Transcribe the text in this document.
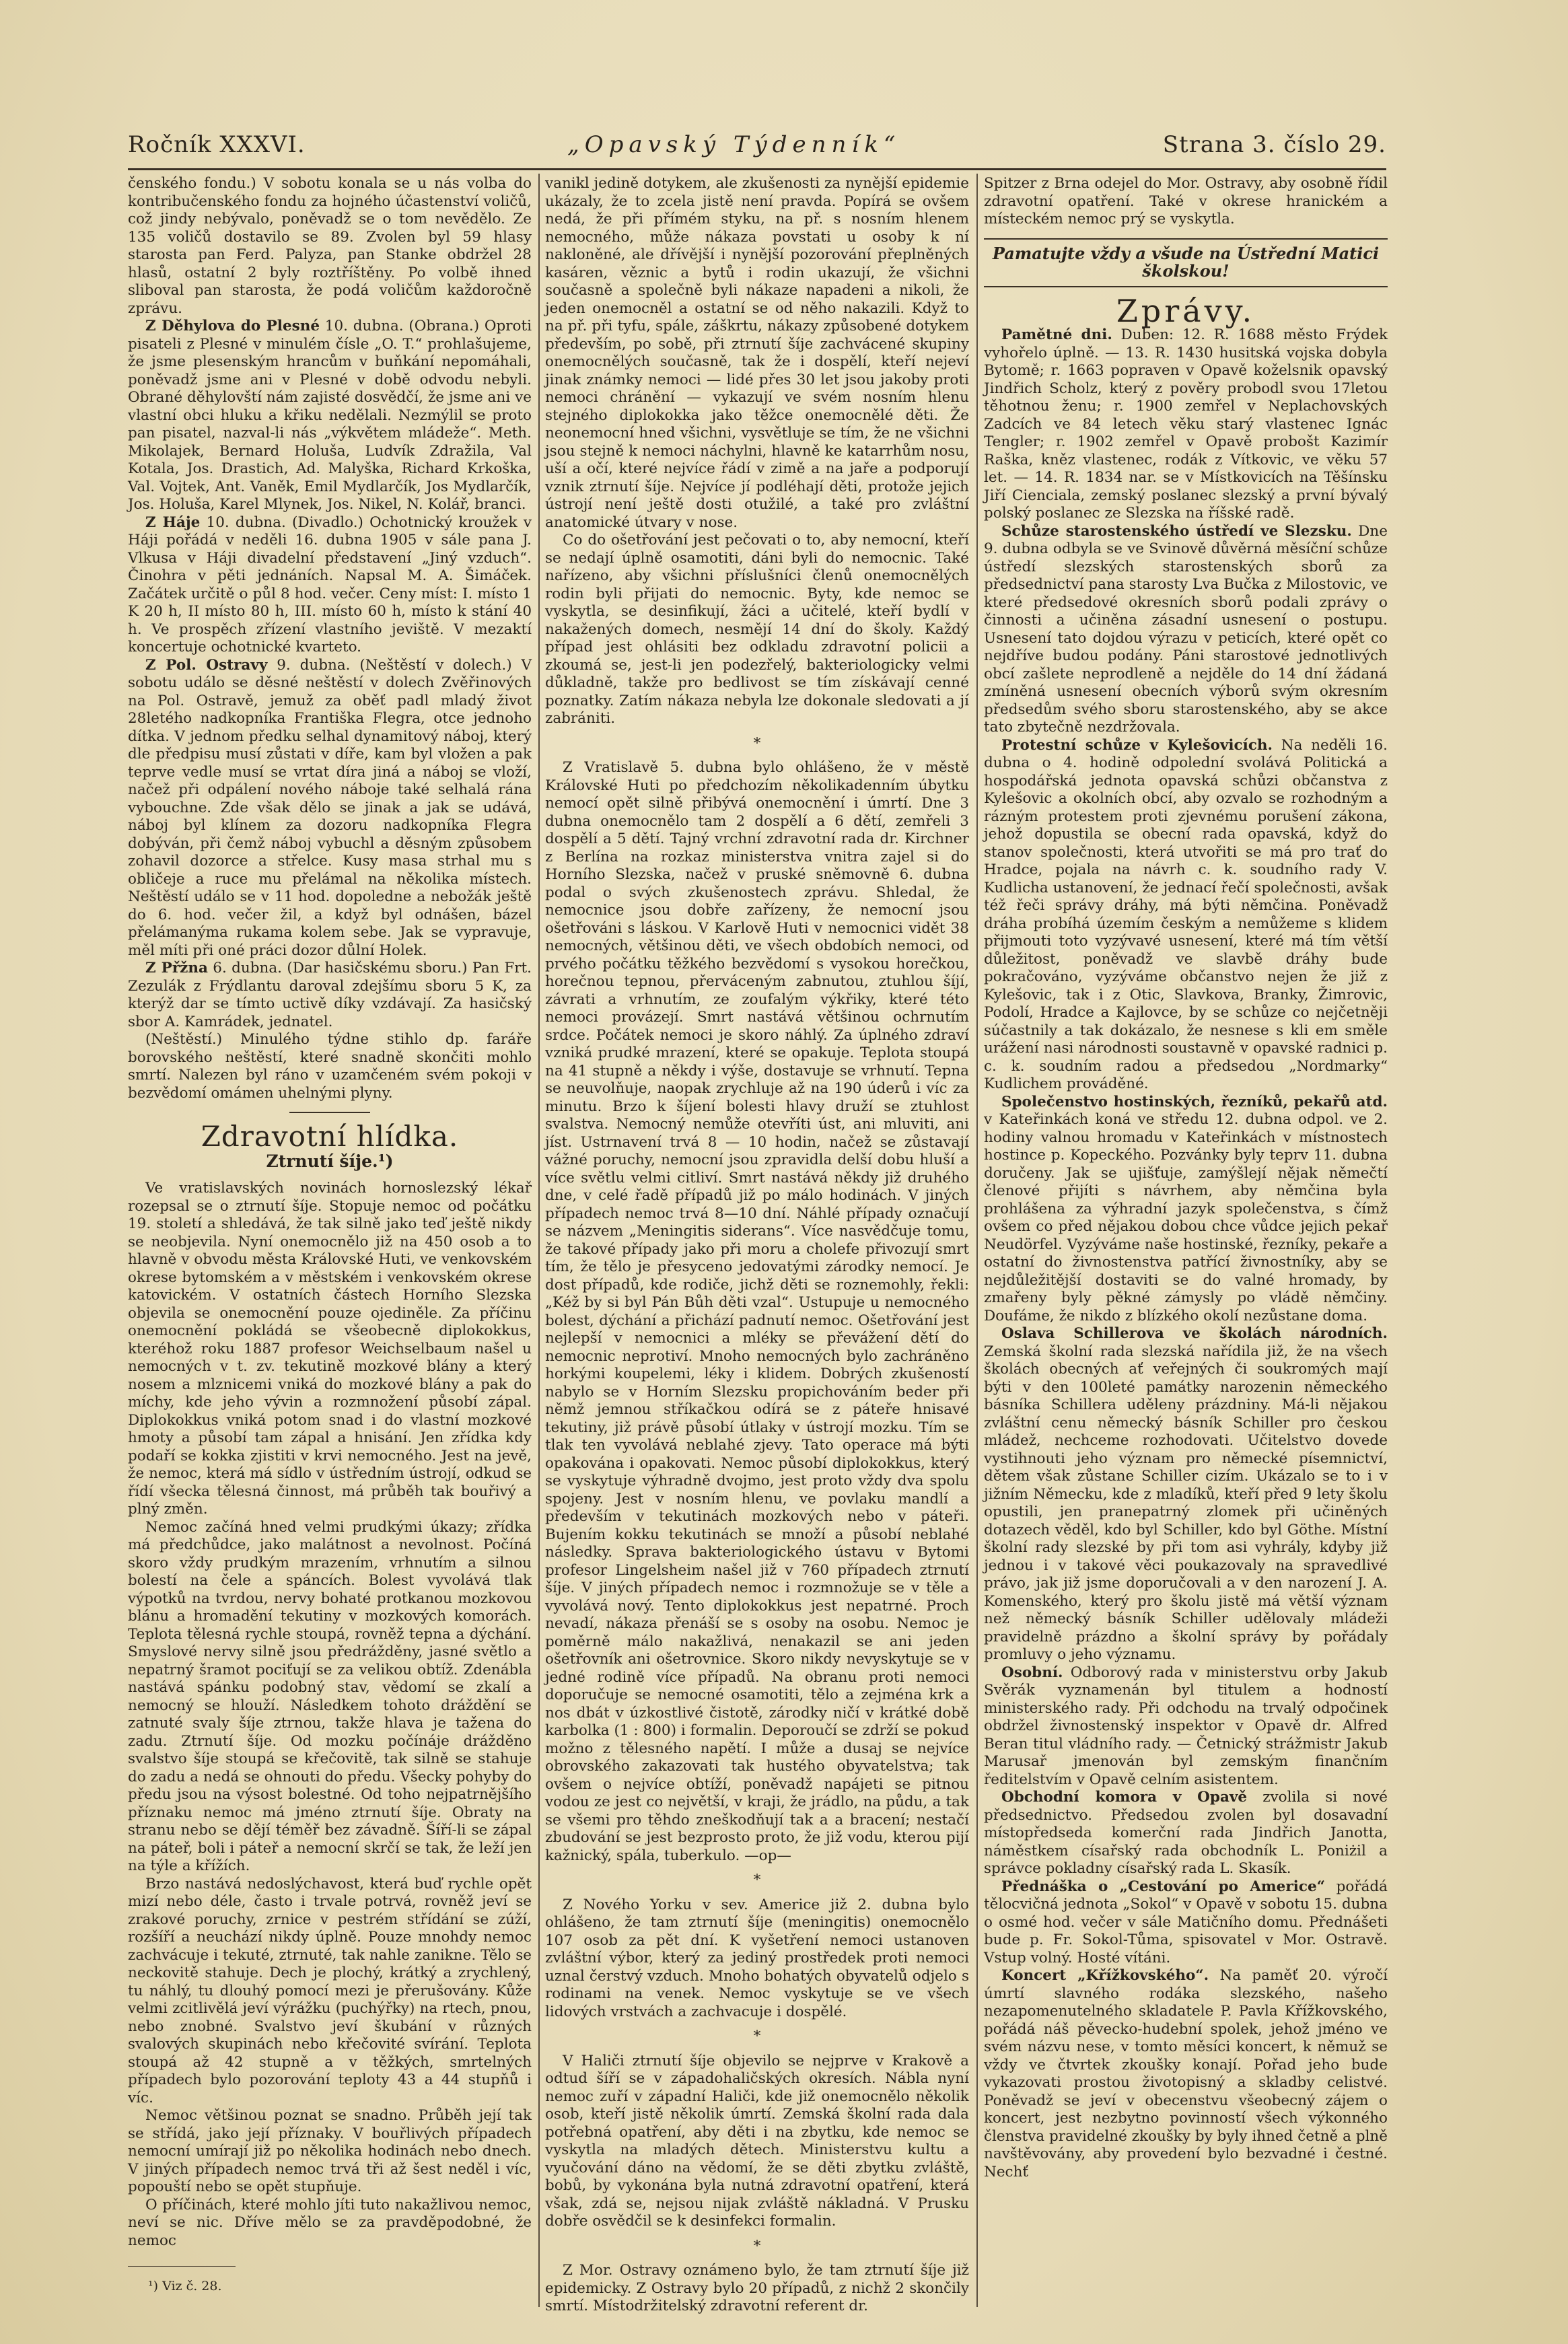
Ročník XXXVI.	„Opavský Týdenník“	Strana 3. číslo 29.

čenského fondu.) V sobotu konala se u nás volba do kontribučenského fondu za hojného účastenství voličů, což jindy nebývalo, poněvadž se o tom nevědělo. Ze 135 voličů dostavilo se 89. Zvolen byl 59 hlasy starosta pan Ferd. Palyza, pan Stanke obdržel 28 hlasů, ostatní 2 byly roztříštěny. Po volbě ihned sliboval pan starosta, že podá voličům každoročně zprávu.

Z Děhylova do Plesné 10. dubna. (Obrana.) Oproti pisateli z Plesné v minulém čísle „O. T.“ prohlašujeme, že jsme plesenským hrancům v buňkání nepomáhali, poněvadž jsme ani v Plesné v době odvodu nebyli. Obrané děhylovští nám zajisté dosvědčí, že jsme ani ve vlastní obci hluku a křiku nedělali. Nezmýlil se proto pan pisatel, nazval-li nás „výkvětem mládeže“. Meth. Mikolajek, Bernard Holuša, Ludvík Zdražila, Val Kotala, Jos. Drastich, Ad. Malyška, Richard Krkoška, Val. Vojtek, Ant. Vaněk, Emil Mydlarčík, Jos Mydlarčík, Jos. Holuša, Karel Mlynek, Jos. Nikel, N. Kolář, branci.

Z Háje 10. dubna. (Divadlo.) Ochotnický kroužek v Háji pořádá v neděli 16. dubna 1905 v sále pana J. Vlkusa v Háji divadelní představení „Jiný vzduch“. Činohra v pěti jednáních. Napsal M. A. Šimáček. Začátek určitě o půl 8 hod. večer. Ceny míst: I. místo 1 K 20 h, II místo 80 h, III. místo 60 h, místo k stání 40 h. Ve prospěch zřízení vlastního jeviště. V mezaktí koncertuje ochotnické kvarteto.

Z Pol. Ostravy 9. dubna. (Neštěstí v dolech.) V sobotu událo se děsné neštěstí v dolech Zvěřinových na Pol. Ostravě, jemuž za oběť padl mladý život 28letého nadkopníka Františka Flegra, otce jednoho dítka. V jednom předku selhal dynamitový náboj, který dle předpisu musí zůstati v díře, kam byl vložen a pak teprve vedle musí se vrtat díra jiná a náboj se vloží, načež při odpálení nového náboje také selhalá rána vybouchne. Zde však dělo se jinak a jak se udává, náboj byl klínem za dozoru nadkopníka Flegra dobýván, při čemž náboj vybuchl a děsným způsobem zohavil dozorce a střelce. Kusy masa strhal mu s obličeje a ruce mu přelámal na několika místech. Neštěstí událo se v 11 hod. dopoledne a nebožák ještě do 6. hod. večer žil, a když byl odnášen, bázel přelámanýma rukama kolem sebe. Jak se vypravuje, měl míti při oné práci dozor důlní Holek.

Z Přžna 6. dubna. (Dar hasičskému sboru.) Pan Frt. Zezulák z Frýdlantu daroval zdejšímu sboru 5 K, za kterýž dar se tímto uctivě díky vzdávají. Za hasičský sbor A. Kamrádek, jednatel.

(Neštěstí.) Minulého týdne stihlo dp. faráře borovského neštěstí, které snadně skončiti mohlo smrtí. Nalezen byl ráno v uzamčeném svém pokoji v bezvědomí omámen uhelnými plyny.

Zdravotní hlídka.
Ztrnutí šíje.¹)

Ve vratislavských novinách hornoslezský lékař rozepsal se o ztrnutí šíje. Stopuje nemoc od počátku 19. století a shledává, že tak silně jako teď ještě nikdy se neobjevila. Nyní onemocnělo již na 450 osob a to hlavně v obvodu města Královské Huti, ve venkovském okrese bytomském a v městském i venkovském okrese katovickém. V ostatních částech Horního Slezska objevila se onemocnění pouze ojediněle. Za příčinu onemocnění pokládá se všeobecně diplokokkus, kteréhož roku 1887 profesor Weichselbaum našel u nemocných v t. zv. tekutině mozkové blány a který nosem a mlznicemi vniká do mozkové blány a pak do míchy, kde jeho vývin a rozmnožení působí zápal. Diplokokkus vniká potom snad i do vlastní mozkové hmoty a působí tam zápal a hnisání. Jen zřídka kdy podaří se kokka zjistiti v krvi nemocného. Jest na jevě, že nemoc, která má sídlo v ústředním ústrojí, odkud se řídí všecka tělesná činnost, má průběh tak bouřivý a plný změn.

Nemoc začíná hned velmi prudkými úkazy; zřídka má předchůdce, jako malátnost a nevolnost. Počíná skoro vždy prudkým mrazením, vrhnutím a silnou bolestí na čele a spáncích. Bolest vyvolává tlak výpotků na tvrdou, nervy bohaté protkanou mozkovou blánu a hromadění tekutiny v mozkových komorách. Teplota tělesná rychle stoupá, rovněž tepna a dýchání. Smyslové nervy silně jsou předrážděny, jasné světlo a nepatrný šramot pociťují se za velikou obtíž. Zdenábla nastává spánku podobný stav, vědomí se zkalí a nemocný se hlouží. Následkem tohoto dráždění se zatnuté svaly šíje ztrnou, takže hlava je tažena do zadu. Ztrnutí šíje. Od mozku počínáje drážděno svalstvo šíje stoupá se křečovitě, tak silně se stahuje do zadu a nedá se ohnouti do předu. Všecky pohyby do předu jsou na výsost bolestné. Od toho nejpatrnějšího příznaku nemoc má jméno ztrnutí šíje. Obraty na stranu nebo se dějí téměř bez závadně. Šíří-li se zápal na páteř, boli i páteř a nemocní skrčí se tak, že leží jen na týle a křížích.

Brzo nastává nedoslýchavost, která buď rychle opět mizí nebo déle, často i trvale potrvá, rovněž jeví se zrakové poruchy, zrnice v pestrém střídání se zúží, rozšíří a neuchází nikdy úplně. Pouze mnohdy nemoc zachvácuje i tekuté, ztrnuté, tak nahle zanikne. Tělo se neckovitě stahuje. Dech je plochý, krátký a zrychlený, tu náhlý, tu dlouhý pomocí mezi je přerušovány. Kůže velmi zcitlivělá jeví výrážku (puchýřky) na rtech, pnou, nebo znobné. Svalstvo jeví škubání v různých svalových skupinách nebo křečovité svírání. Teplota stoupá až 42 stupně a v těžkých, smrtelných případech bylo pozorování teploty 43 a 44 stupňů i víc.

Nemoc většinou poznat se snadno. Průběh její tak se střídá, jako její příznaky. V bouřlivých případech nemocní umírají již po několika hodinách nebo dnech. V jiných případech nemoc trvá tři až šest neděl i víc, popouští nebo se opět stupňuje.

O příčinách, které mohlo jíti tuto nakažlivou nemoc, neví se nic. Dříve mělo se za pravděpodobné, že nemoc

¹) Viz č. 28.

vanikl jedině dotykem, ale zkušenosti za nynější epidemie ukázaly, že to zcela jistě není pravda. Popírá se ovšem nedá, že při přímém styku, na př. s nosním hlenem nemocného, může nákaza povstati u osoby k ní nakloněné, ale dřívější i nynější pozorování přeplněných kasáren, věznic a bytů i rodin ukazují, že všichni současně a společně byli nákaze napadeni a nikoli, že jeden onemocněl a ostatní se od něho nakazili. Když to na př. při tyfu, spále, záškrtu, nákazy způsobené dotykem především, po sobě, při ztrnutí šíje zachvácené skupiny onemocnělých současně, tak že i dospělí, kteří nejeví jinak známky nemoci — lidé přes 30 let jsou jakoby proti nemoci chránění — vykazují ve svém nosním hlenu stejného diplokokka jako těžce onemocnělé děti. Že neonemocní hned všichni, vysvětluje se tím, že ne všichni jsou stejně k nemoci náchylni, hlavně ke katarrhům nosu, uší a očí, které nejvíce řádí v zimě a na jaře a podporují vznik ztrnutí šíje. Nejvíce jí podléhají děti, protože jejich ústrojí není ještě dosti otužilé, a také pro zvláštní anatomické útvary v nose.

Co do ošetřování jest pečovati o to, aby nemocní, kteří se nedají úplně osamotiti, dáni byli do nemocnic. Také nařízeno, aby všichni příslušníci členů onemocnělých rodin byli přijati do nemocnic. Byty, kde nemoc se vyskytla, se desinfikují, žáci a učitelé, kteří bydlí v nakažených domech, nesmějí 14 dní do školy. Každý případ jest ohlásiti bez odkladu zdravotní policii a zkoumá se, jest-li jen podezřelý, bakteriologicky velmi důkladně, takže pro bedlivost se tím získávají cenné poznatky. Zatím nákaza nebyla lze dokonale sledovati a jí zabrániti.

*

Z Vratislavě 5. dubna bylo ohlášeno, že v městě Královské Huti po předchozím několikadenním úbytku nemocí opět silně přibývá onemocnění i úmrtí. Dne 3 dubna onemocnělo tam 2 dospělí a 6 dětí, zemřeli 3 dospělí a 5 dětí. Tajný vrchní zdravotní rada dr. Kirchner z Berlína na rozkaz ministerstva vnitra zajel si do Horního Slezska, načež v pruské sněmovně 6. dubna podal o svých zkušenostech zprávu. Shledal, že nemocnice jsou dobře zařízeny, že nemocní jsou ošetřováni s láskou. V Karlově Huti v nemocnici vidět 38 nemocných, většinou děti, ve všech obdobích nemoci, od prvého počátku těžkého bezvědomí s vysokou horečkou, horečnou tepnou, přerváceným zabnutou, ztuhlou šíjí, závrati a vrhnutím, ze zoufalým výkřiky, které této nemoci provázejí. Smrt nastává většinou ochrnutím srdce. Počátek nemoci je skoro náhlý. Za úplného zdraví vzniká prudké mrazení, které se opakuje. Teplota stoupá na 41 stupně a někdy i výše, dostavuje se vrhnutí. Tepna se neuvolňuje, naopak zrychluje až na 190 úderů i víc za minutu. Brzo k šíjení bolesti hlavy druží se ztuhlost svalstva. Nemocný nemůže otevříti úst, ani mluviti, ani jíst. Ustrnavení trvá 8 — 10 hodin, načež se zůstavají vážné poruchy, nemocní jsou zpravidla delší dobu hluší a více světlu velmi citliví. Smrt nastává někdy již druhého dne, v celé řadě případů již po málo hodinách. V jiných případech nemoc trvá 8—10 dní. Náhlé případy označují se názvem „Meningitis siderans“. Více nasvědčuje tomu, že takové případy jako při moru a cholefe přivozují smrt tím, že tělo je přesyceno jedovatými zárodky nemocí. Je dost případů, kde rodiče, jichž děti se roznemohly, řekli: „Kéž by si byl Pán Bůh děti vzal“. Ustupuje u nemocného bolest, dýchání a přichází padnutí nemoc. Ošetřování jest nejlepší v nemocnici a mléky se převážení dětí do nemocnic neprotiví. Mnoho nemocných bylo zachráněno horkými koupelemi, léky i klidem. Dobrých zkušeností nabylo se v Horním Slezsku propichováním beder při němž jemnou stříkačkou odírá se z páteře hnisavé tekutiny, již právě působí útlaky v ústrojí mozku. Tím se tlak ten vyvolává neblahé zjevy. Tato operace má býti opakována i opakovati. Nemoc působí diplokokkus, který se vyskytuje výhradně dvojmo, jest proto vždy dva spolu spojeny. Jest v nosním hlenu, ve povlaku mandlí a především v tekutinách mozkových nebo v páteři. Bujením kokku tekutinách se množí a působí neblahé následky. Sprava bakteriologického ústavu v Bytomi profesor Lingelsheim našel již v 760 případech ztrnutí šíje. V jiných případech nemoc i rozmnožuje se v těle a vyvolává nový. Tento diplokokkus jest nepatrné. Proch nevadí, nákaza přenáší se s osoby na osobu. Nemoc je poměrně málo nakažlivá, nenakazil se ani jeden ošetřovník ani ošetrovnice. Skoro nikdy nevyskytuje se v jedné rodině více případů. Na obranu proti nemoci doporučuje se nemocné osamotiti, tělo a zejména krk a nos dbát v úzkostlivé čistotě, zárodky ničí v krátké době karbolka (1 : 800) i formalin. Deporoučí se zdrží se pokud možno z tělesného napětí. I může a dusaj se nejvíce obrovského zakazovati tak hustého obyvatelstva; tak ovšem o nejvíce obtíží, poněvadž napájeti se pitnou vodou ze jest co největší, v kraji, že jrádlo, na půdu, a tak se všemi pro těhdo zneškodňují tak a a bracení; nestačí zbudování se jest bezprosto proto, že již vodu, kterou pijí kažnický, spála, tuberkulo. —op—

*

Z Nového Yorku v sev. Americe již 2. dubna bylo ohlášeno, že tam ztrnutí šíje (meningitis) onemocnělo 107 osob za pět dní. K vyšetření nemoci ustanoven zvláštní výbor, který za jediný prostředek proti nemoci uznal čerstvý vzduch. Mnoho bohatých obyvatelů odjelo s rodinami na venek. Nemoc vyskytuje se ve všech lidových vrstvách a zachvacuje i dospělé.

*

V Haliči ztrnutí šíje objevilo se nejprve v Krakově a odtud šíří se v západohaličských okresích. Nábla nyní nemoc zuří v západní Haliči, kde již onemocnělo několik osob, kteří jistě několik úmrtí. Zemská školní rada dala potřebná opatření, aby děti i na zbytku, kde nemoc se vyskytla na mladých dětech. Ministerstvu kultu a vyučování dáno na vědomí, že se děti zbytku zvláště, bobů, by vykonána byla nutná zdravotní opatření, která však, zdá se, nejsou nijak zvláště nákladná. V Prusku dobře osvědčil se k desinfekci formalin.

*

Z Mor. Ostravy oznámeno bylo, že tam ztrnutí šíje již epidemicky. Z Ostravy bylo 20 případů, z nichž 2 skončily smrtí. Místodržitelský zdravotní referent dr.

Spitzer z Brna odejel do Mor. Ostravy, aby osobně řídil zdravotní opatření. Také v okrese hranickém a místeckém nemoc prý se vyskytla.

Pamatujte vždy a všude na Ústřední Matici školskou!
Zprávy.

Pamětné dni. Duben: 12. R. 1688 město Frýdek vyhořelo úplně. — 13. R. 1430 husitská vojska dobyla Bytomě; r. 1663 popraven v Opavě koželsnik opavský Jindřich Scholz, který z pověry probodl svou 17letou těhotnou ženu; r. 1900 zemřel v Neplachovských Zadcích ve 84 letech věku starý vlastenec Ignác Tengler; r. 1902 zemřel v Opavě probošt Kazimír Raška, kněz vlastenec, rodák z Vítkovic, ve věku 57 let. — 14. R. 1834 nar. se v Místkovicích na Těšínsku Jiří Cienciala, zemský poslanec slezský a první bývalý polský poslanec ze Slezska na říšské radě.

Schůze starostenského ústředí ve Slezsku. Dne 9. dubna odbyla se ve Svinově důvěrná měsíční schůze ústředí slezských starostenských sborů za předsednictví pana starosty Lva Bučka z Milostovic, ve které předsedové okresních sborů podali zprávy o činnosti a učiněna zásadní usnesení o postupu. Usnesení tato dojdou výrazu v peticích, které opět co nejdříve budou podány. Páni starostové jednotlivých obcí zašlete neprodleně a nejděle do 14 dní žádaná zmíněná usnesení obecních výborů svým okresním předsedům svého sboru starostenského, aby se akce tato zbytečně nezdržovala.

Protestní schůze v Kylešovicích. Na neděli 16. dubna o 4. hodině odpolední svolává Politická a hospodářská jednota opavská schůzi občanstva z Kylešovic a okolních obcí, aby ozvalo se rozhodným a rázným protestem proti zjevnému porušení zákona, jehož dopustila se obecní rada opavská, když do stanov společnosti, která utvořiti se má pro trať do Hradce, pojala na návrh c. k. soudního rady V. Kudlicha ustanovení, že jednací řečí společnosti, avšak též řeči správy dráhy, má býti němčina. Poněvadž dráha probíhá územím českým a nemůžeme s klidem přijmouti toto vyzývavé usnesení, které má tím větší důležitost, poněvadž ve slavbě dráhy bude pokračováno, vyzýváme občanstvo nejen že již z Kylešovic, tak i z Otic, Slavkova, Branky, Žimrovic, Podolí, Hradce a Kajlovce, by se schůze co nejčetněji súčastnily a tak dokázalo, že nesnese s kli em směle urážení nasi národnosti soustavně v opavské radnici p. c. k. soudním radou a předsedou „Nordmarky“ Kudlichem prováděné.

Společenstvo hostinských, řezníků, pekařů atd. v Kateřinkách koná ve středu 12. dubna odpol. ve 2. hodiny valnou hromadu v Kateřinkách v místnostech hostince p. Kopeckého. Pozvánky byly teprv 11. dubna doručeny. Jak se ujišťuje, zamýšlejí nějak němečtí členové přijíti s návrhem, aby němčina byla prohlášena za výhradní jazyk společenstva, s čímž ovšem co před nějakou dobou chce vůdce jejich pekař Neudörfel. Vyzýváme naše hostinské, řezníky, pekaře a ostatní do živnostenstva patřící živnostníky, aby se nejdůležitější dostaviti se do valné hromady, by zmařeny byly pěkné zámysly po vládě němčiny. Doufáme, že nikdo z blízkého okolí nezůstane doma.

Oslava Schillerova ve školách národních. Zemská školní rada slezská nařídila již, že na všech školách obecných ať veřejných či soukromých mají býti v den 100leté památky narozenin německého básníka Schillera uděleny prázdniny. Má-li nějakou zvláštní cenu německý básník Schiller pro českou mládež, nechceme rozhodovati. Učitelstvo dovede vystihnouti jeho význam pro německé písemnictví, dětem však zůstane Schiller cizím. Ukázalo se to i v jižním Německu, kde z mladíků, kteří před 9 lety školu opustili, jen pranepatrný zlomek při učiněných dotazech věděl, kdo byl Schiller, kdo byl Göthe. Místní školní rady slezské by při tom asi vyhrály, kdyby již jednou i v takové věci poukazovaly na spravedlivé právo, jak již jsme doporučovali a v den narození J. A. Komenského, který pro školu jistě má větší význam než německý básník Schiller udělovaly mládeži pravidelně prázdno a školní správy by pořádaly promluvy o jeho významu.

Osobní. Odborový rada v ministerstvu orby Jakub Svěrák vyznamenán byl titulem a hodností ministerského rady. Při odchodu na trvalý odpočinek obdržel živnostenský inspektor v Opavě dr. Alfred Beran titul vládního rady. — Četnický strážmistr Jakub Marusař jmenován byl zemským finančním ředitelstvím v Opavě celním asistentem.

Obchodní komora v Opavě zvolila si nové předsednictvo. Předsedou zvolen byl dosavadní místopředseda komerční rada Jindřich Janotta, náměstkem císařský rada obchodník L. Poniżil a správce pokladny císařský rada L. Skasík.

Přednáška o „Cestování po Americe“ pořádá tělocvičná jednota „Sokol“ v Opavě v sobotu 15. dubna o osmé hod. večer v sále Matičního domu. Přednášeti bude p. Fr. Sokol-Tůma, spisovatel v Mor. Ostravě. Vstup volný. Hosté vítáni.

Koncert „Křížkovského“. Na paměť 20. výročí úmrtí slavného rodáka slezského, našeho nezapomenutelného skladatele P. Pavla Křížkovského, pořádá náš pěvecko-hudební spolek, jehož jméno ve svém názvu nese, v tomto měsíci koncert, k němuž se vždy ve čtvrtek zkoušky konají. Pořad jeho bude vykazovati prostou životopisný a skladby celistvé. Poněvadž se jeví v obecenstvu všeobecný zájem o koncert, jest nezbytno povinností všech výkonného členstva pravidelné zkoušky by byly ihned četně a plně navštěvovány, aby provedení bylo bezvadné i čestné. Nechť
